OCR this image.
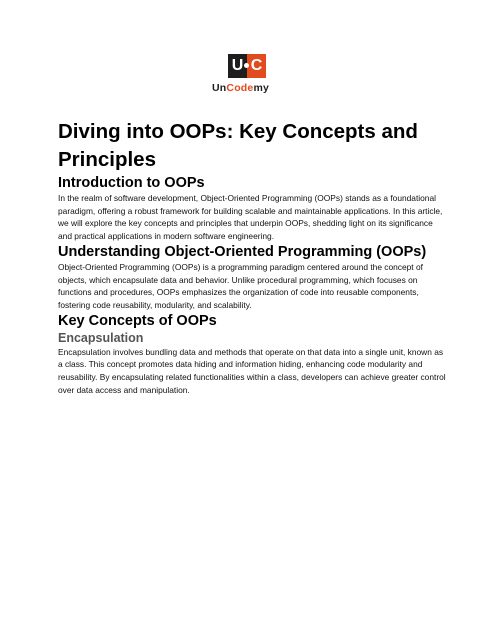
U C
UnCodemy
Diving into OOPs: Key Concepts and Principles
Introduction to OOPs

In the realm of software development, Object-Oriented Programming (OOPs) stands as a foundational paradigm, offering a robust framework for building scalable and maintainable applications. In this article, we will explore the key concepts and principles that underpin OOPs, shedding light on its significance and practical applications in modern software engineering.

Understanding Object-Oriented Programming (OOPs)

Object-Oriented Programming (OOPs) is a programming paradigm centered around the concept of objects, which encapsulate data and behavior. Unlike procedural programming, which focuses on functions and procedures, OOPs emphasizes the organization of code into reusable components, fostering code reusability, modularity, and scalability.

Key Concepts of OOPs
Encapsulation

Encapsulation involves bundling data and methods that operate on that data into a single unit, known as a class. This concept promotes data hiding and information hiding, enhancing code modularity and reusability. By encapsulating related functionalities within a class, developers can achieve greater control over data access and manipulation.
